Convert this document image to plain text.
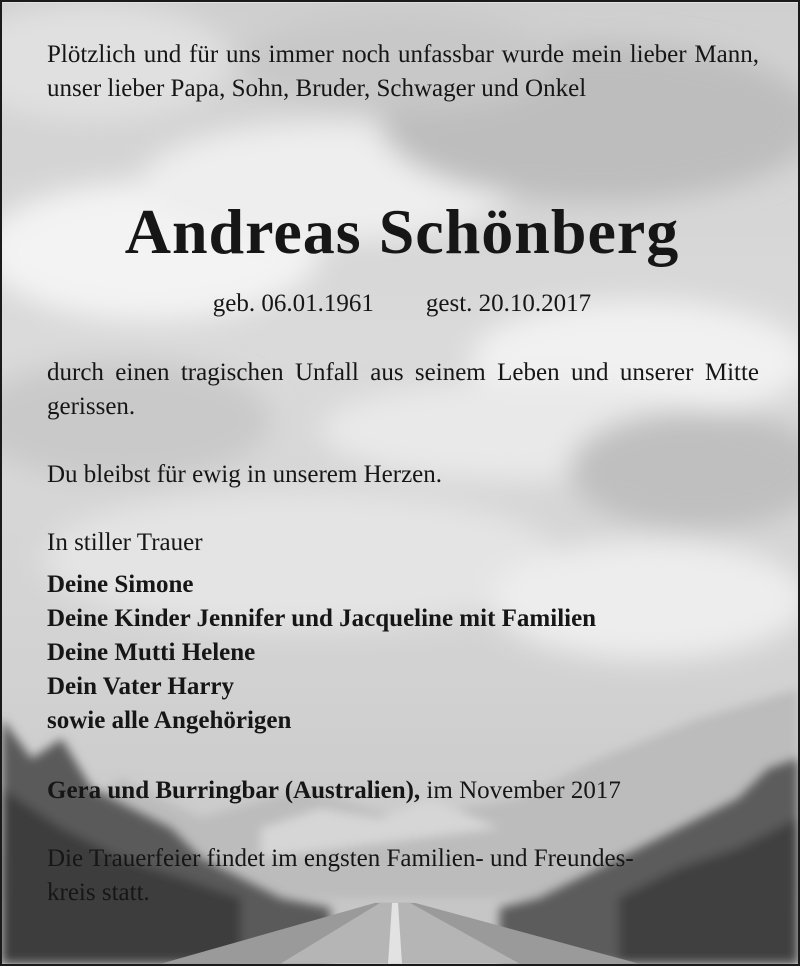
Plötzlich und für uns immer noch unfassbar wurde mein lieber Mann, unser lieber Papa, Sohn, Bruder, Schwager und Onkel

Andreas Schönberg
geb. 06.01.1961 gest. 20.10.2017

durch einen tragischen Unfall aus seinem Leben und unserer Mitte gerissen.

Du bleibst für ewig in unserem Herzen.

In stiller Trauer

Deine Simone
Deine Kinder Jennifer und Jacqueline mit Familien
Deine Mutti Helene
Dein Vater Harry
sowie alle Angehörigen
Gera und Burringbar (Australien), im November 2017
Die Trauerfeier findet im engsten Familien- und Freundes-
kreis statt.
